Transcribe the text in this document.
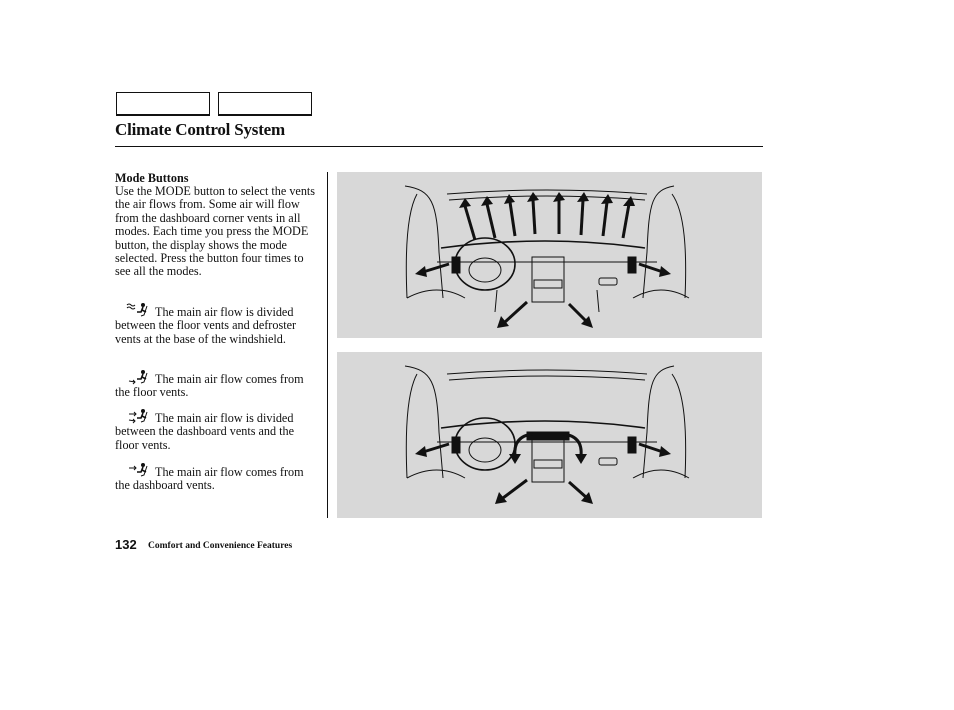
Climate Control System
Mode Buttons
Use the MODE button to select the vents the air flows from. Some air will flow from the dashboard corner vents in all modes. Each time you press the MODE button, the display shows the mode selected. Press the button four times to see all the modes.
The main air flow is divided between the floor vents and defroster vents at the base of the windshield.
The main air flow comes from the floor vents.
The main air flow is divided between the dashboard vents and the floor vents.
The main air flow comes from the dashboard vents.
132 Comfort and Convenience Features
